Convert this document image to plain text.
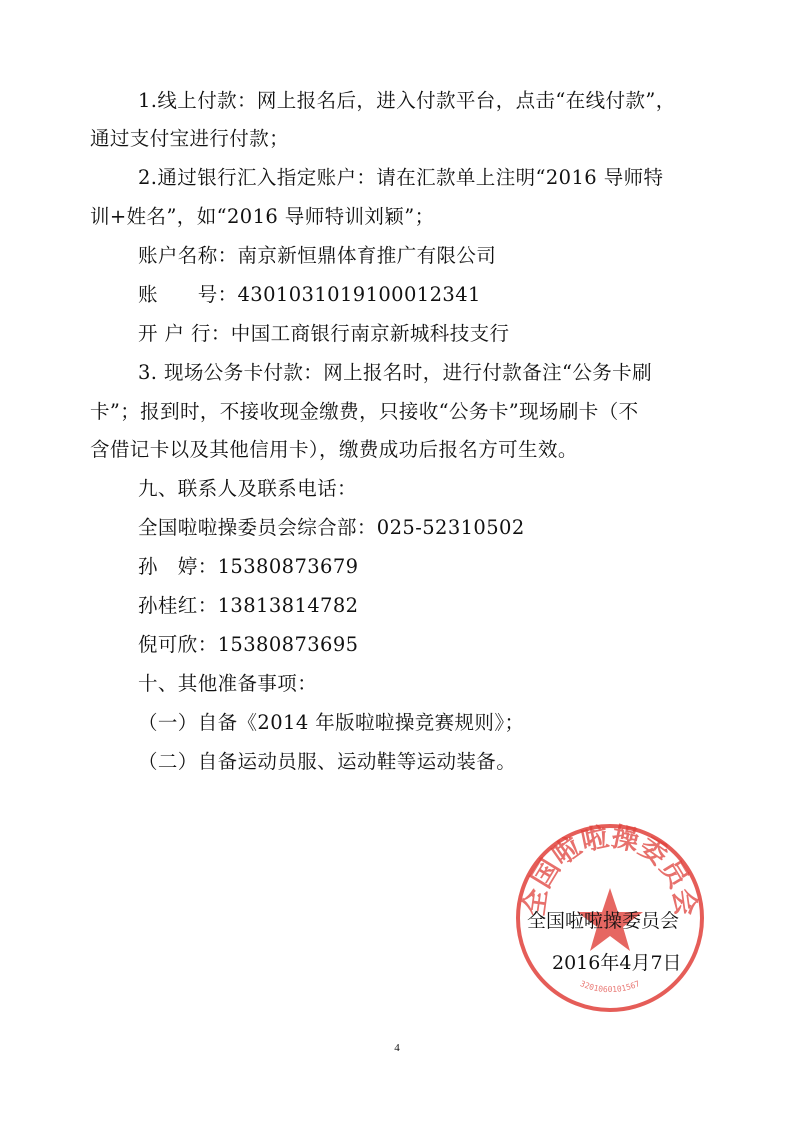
1.线上付款：网上报名后，进入付款平台，点击“在线付款”，
通过支付宝进行付款；
2.通过银行汇入指定账户：请在汇款单上注明“2016 导师特
训+姓名”，如“2016 导师特训刘颖”；
账户名称：南京新恒鼎体育推广有限公司
账　　号：4301031019100012341
开 户 行：中国工商银行南京新城科技支行
3. 现场公务卡付款：网上报名时，进行付款备注“公务卡刷
卡”；报到时，不接收现金缴费，只接收“公务卡”现场刷卡（不
含借记卡以及其他信用卡），缴费成功后报名方可生效。
九、联系人及联系电话：
全国啦啦操委员会综合部：025-52310502
孙　婷：15380873679
孙桂红：13813814782
倪可欣：15380873695
十、其他准备事项：
（一）自备《2014 年版啦啦操竞赛规则》；
（二）自备运动员服、运动鞋等运动装备。
全国啦啦操委员会
3201060101567
全国啦啦操委员会
2016年4月7日
4
